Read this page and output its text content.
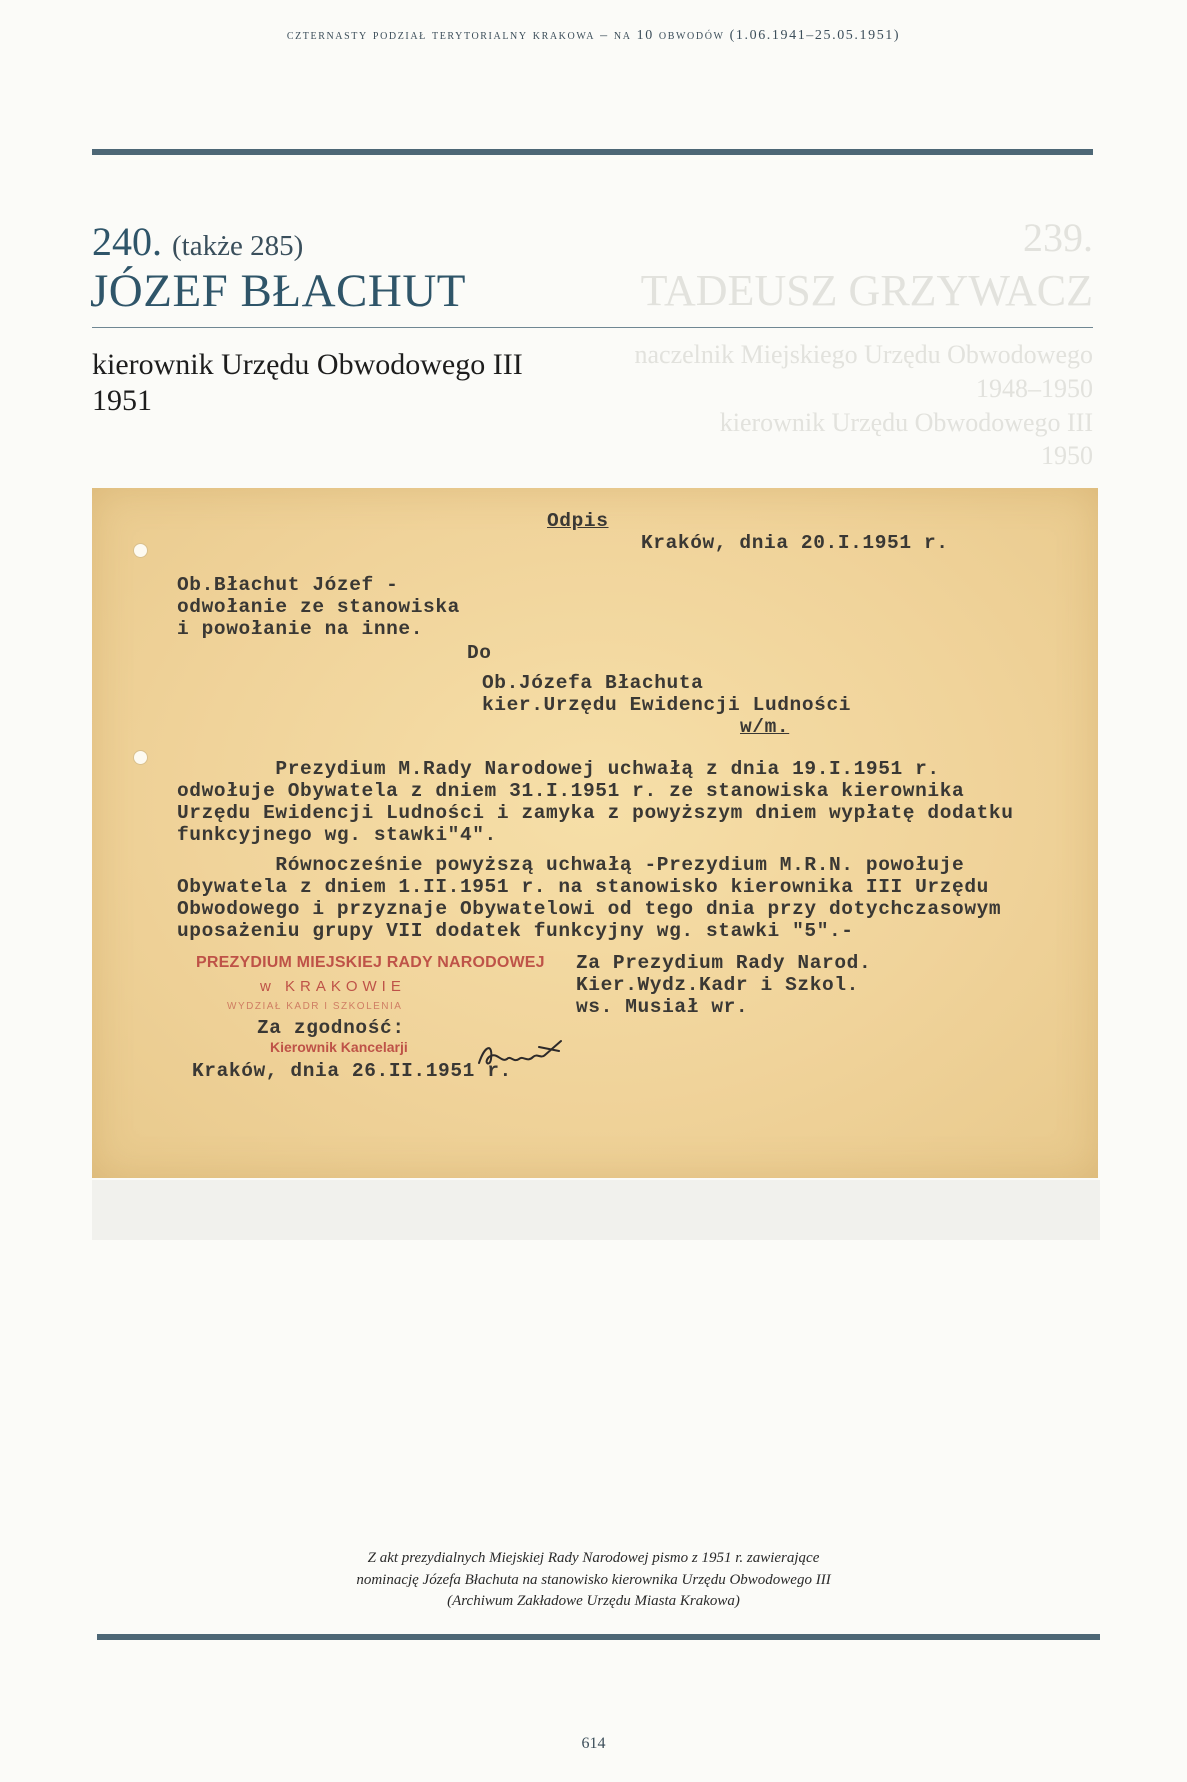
czternasty podział terytorialny krakowa – na 10 obwodów (1.06.1941–25.05.1951)
239.
TADEUSZ GRZYWACZ
naczelnik Miejskiego Urzędu Obwodowego
1948–1950
kierownik Urzędu Obwodowego III
1950
240. (także 285)
JÓZEF BŁACHUT
kierownik Urzędu Obwodowego III
1951
Odpis
Kraków, dnia 20.I.1951 r.
Ob.Błachut Józef -
odwołanie ze stanowiska
i powołanie na inne.
Do
Ob.Józefa Błachuta
kier.Urzędu Ewidencji Ludności
w/m.
Prezydium M.Rady Narodowej uchwałą z dnia 19.I.1951 r.
odwołuje Obywatela z dniem 31.I.1951 r. ze stanowiska kierownika
Urzędu Ewidencji Ludności i zamyka z powyższym dniem wypłatę dodatku
funkcyjnego wg. stawki"4".
Równocześnie powyższą uchwałą -Prezydium M.R.N. powołuje
Obywatela z dniem 1.II.1951 r. na stanowisko kierownika III Urzędu
Obwodowego i przyznaje Obywatelowi od tego dnia przy dotychczasowym
uposażeniu grupy VII dodatek funkcyjny wg. stawki "5".-
Za Prezydium Rady Narod.
Kier.Wydz.Kadr i Szkol.
ws. Musiał wr.
PREZYDIUM MIEJSKIEJ RADY NARODOWEJ
w KRAKOWIE
WYDZIAŁ KADR I SZKOLENIA
Za zgodność:
Kierownik Kancelarji
Kraków, dnia 26.II.1951 r.
Z akt prezydialnych Miejskiej Rady Narodowej pismo z 1951 r. zawierające
nominację Józefa Błachuta na stanowisko kierownika Urzędu Obwodowego III
(Archiwum Zakładowe Urzędu Miasta Krakowa)
614
